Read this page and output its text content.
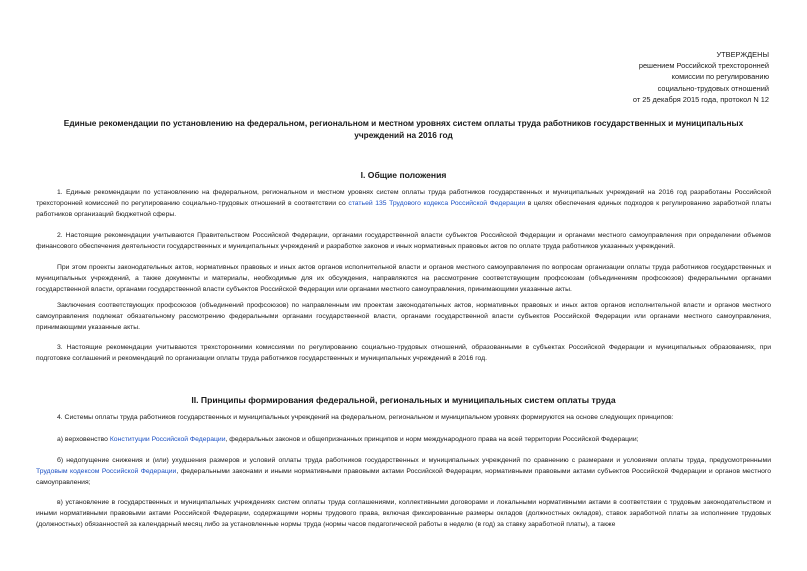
УТВЕРЖДЕНЫ
решением Российской трехсторонней
комиссии по регулированию
социально-трудовых отношений
от 25 декабря 2015 года, протокол N 12
Единые рекомендации по установлению на федеральном, региональном и местном уровнях систем оплаты труда работников государственных и муниципальных
учреждений на 2016 год
I. Общие положения
1. Единые рекомендации по установлению на федеральном, региональном и местном уровнях систем оплаты труда работников государственных и муниципальных учреждений на 2016 год разработаны Российской трехсторонней комиссией по регулированию социально-трудовых отношений в соответствии со статьей 135 Трудового кодекса Российской Федерации в целях обеспечения единых подходов к регулированию заработной платы работников организаций бюджетной сферы.
2. Настоящие рекомендации учитываются Правительством Российской Федерации, органами государственной власти субъектов Российской Федерации и органами местного самоуправления при определении объемов финансового обеспечения деятельности государственных и муниципальных учреждений и разработке законов и иных нормативных правовых актов по оплате труда работников указанных учреждений.
При этом проекты законодательных актов, нормативных правовых и иных актов органов исполнительной власти и органов местного самоуправления по вопросам организации оплаты труда работников государственных и муниципальных учреждений, а также документы и материалы, необходимые для их обсуждения, направляются на рассмотрение соответствующим профсоюзам (объединениям профсоюзов) федеральными органами государственной власти, органами государственной власти субъектов Российской Федерации или органами местного самоуправления, принимающими указанные акты.
Заключения соответствующих профсоюзов (объединений профсоюзов) по направленным им проектам законодательных актов, нормативных правовых и иных актов органов исполнительной власти и органов местного самоуправления подлежат обязательному рассмотрению федеральными органами государственной власти, органами государственной власти субъектов Российской Федерации или органами местного самоуправления, принимающими указанные акты.
3. Настоящие рекомендации учитываются трехсторонними комиссиями по регулированию социально-трудовых отношений, образованными в субъектах Российской Федерации и муниципальных образованиях, при подготовке соглашений и рекомендаций по организации оплаты труда работников государственных и муниципальных учреждений в 2016 год.
II. Принципы формирования федеральной, региональных и муниципальных систем оплаты труда
4. Системы оплаты труда работников государственных и муниципальных учреждений на федеральном, региональном и муниципальном уровнях формируются на основе следующих принципов:
а) верховенство Конституции Российской Федерации, федеральных законов и общепризнанных принципов и норм международного права на всей территории Российской Федерации;
б) недопущение снижения и (или) ухудшения размеров и условий оплаты труда работников государственных и муниципальных учреждений по сравнению с размерами и условиями оплаты труда, предусмотренными Трудовым кодексом Российской Федерации, федеральными законами и иными нормативными правовыми актами Российской Федерации, нормативными правовыми актами субъектов Российской Федерации и органов местного самоуправления;
в) установление в государственных и муниципальных учреждениях систем оплаты труда соглашениями, коллективными договорами и локальными нормативными актами в соответствии с трудовым законодательством и иными нормативными правовыми актами Российской Федерации, содержащими нормы трудового права, включая фиксированные размеры окладов (должностных окладов), ставок заработной платы за исполнение трудовых (должностных) обязанностей за календарный месяц либо за установленные нормы труда (нормы часов педагогической работы в неделю (в год) за ставку заработной платы), а также
